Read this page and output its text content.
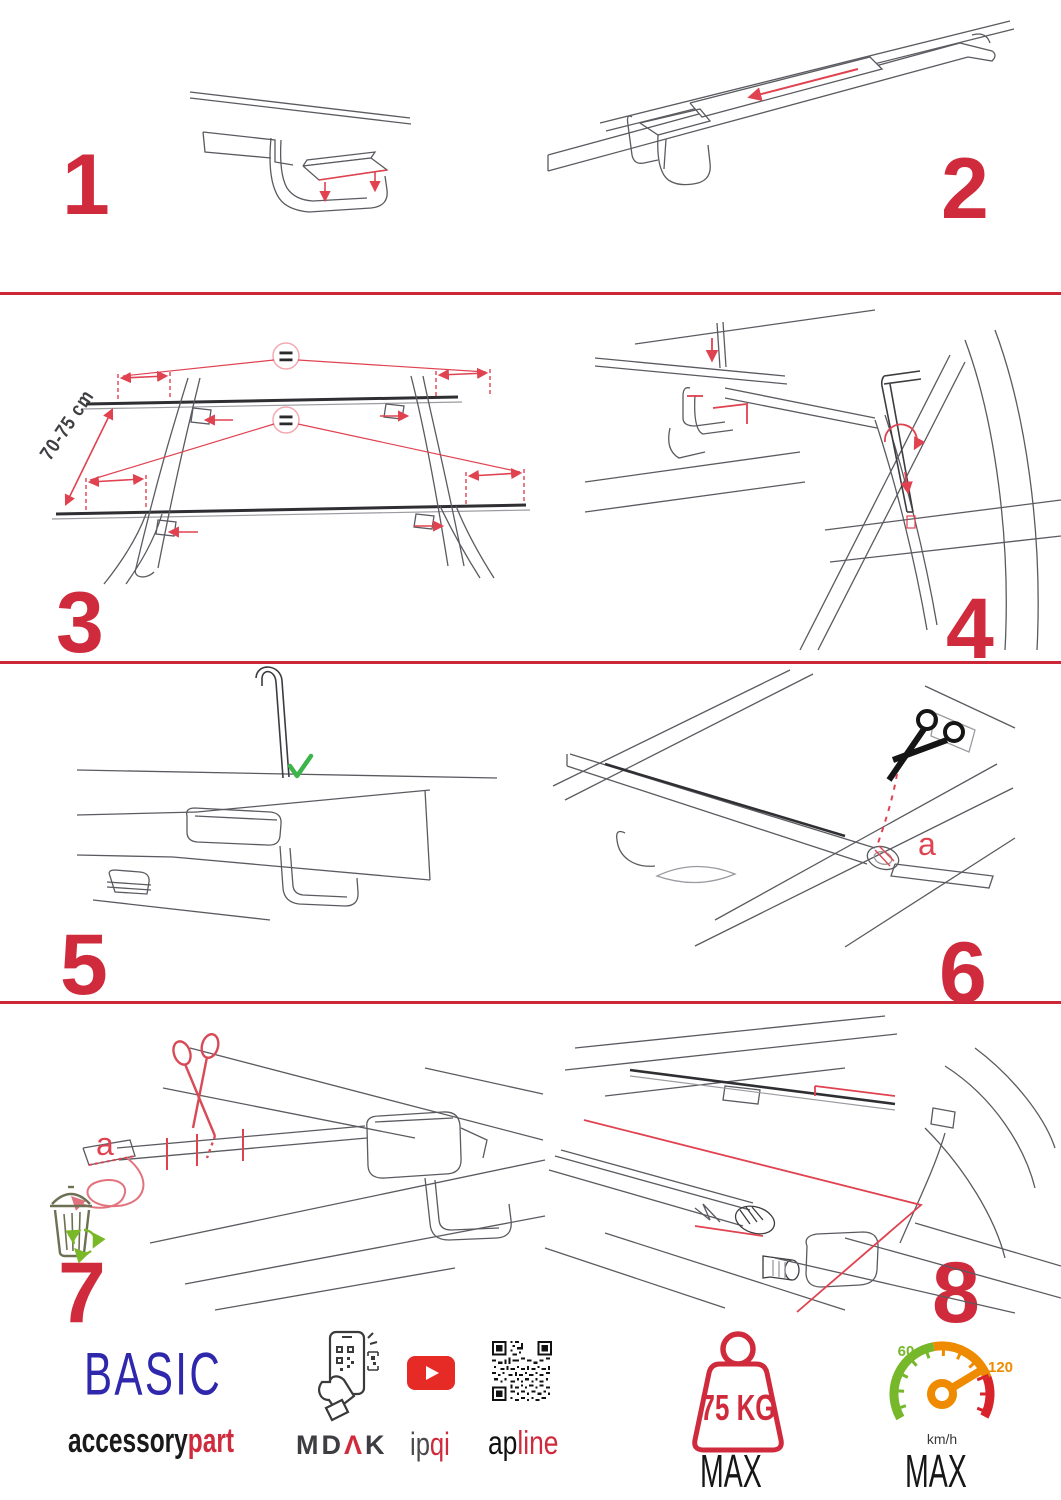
1	2
3	4
5	6
7	8
=
=
70-75 cm
a
a
BASIC
accessorypart	MDΛK ipqi	apline
75 KG
MAX
60
120
km/h
MAX
